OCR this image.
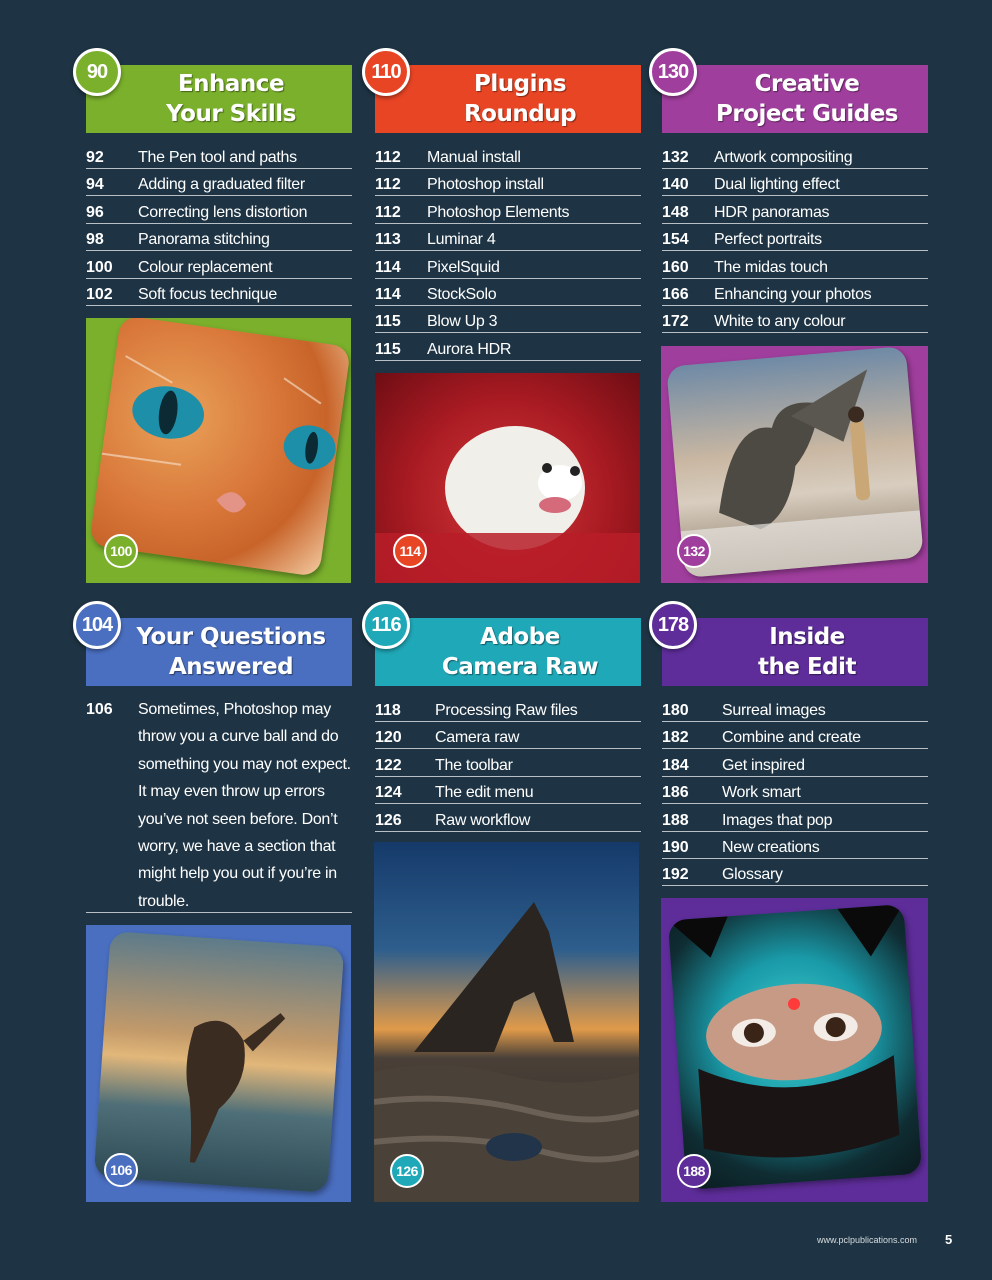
90	Enhance
Your Skills
92	The Pen tool and paths
94	Adding a graduated filter
96	Correcting lens distortion
98	Panorama stitching
100	Colour replacement
102	Soft focus technique
100
110	Plugins
Roundup
112	Manual install
112	Photoshop install
112	Photoshop Elements
113	Luminar 4
114	PixelSquid
114	StockSolo
115	Blow Up 3
115	Aurora HDR
114
130	Creative
Project Guides
132	Artwork compositing
140	Dual lighting effect
148	HDR panoramas
154	Perfect portraits
160	The midas touch
166	Enhancing your photos
172	White to any colour
132
104	Your Questions
Answered
106	Sometimes, Photoshop may throw you a curve ball and do something you may not expect. It may even throw up errors you’ve not seen before. Don’t worry, we have a section that might help you out if you’re in trouble.
106
116	Adobe
Camera Raw
118	Processing Raw files
120	Camera raw
122	The toolbar
124	The edit menu
126	Raw workflow
126
178	Inside
the Edit
180	Surreal images
182	Combine and create
184	Get inspired
186	Work smart
188	Images that pop
190	New creations
192	Glossary
188
www.pclpublications.com 5
